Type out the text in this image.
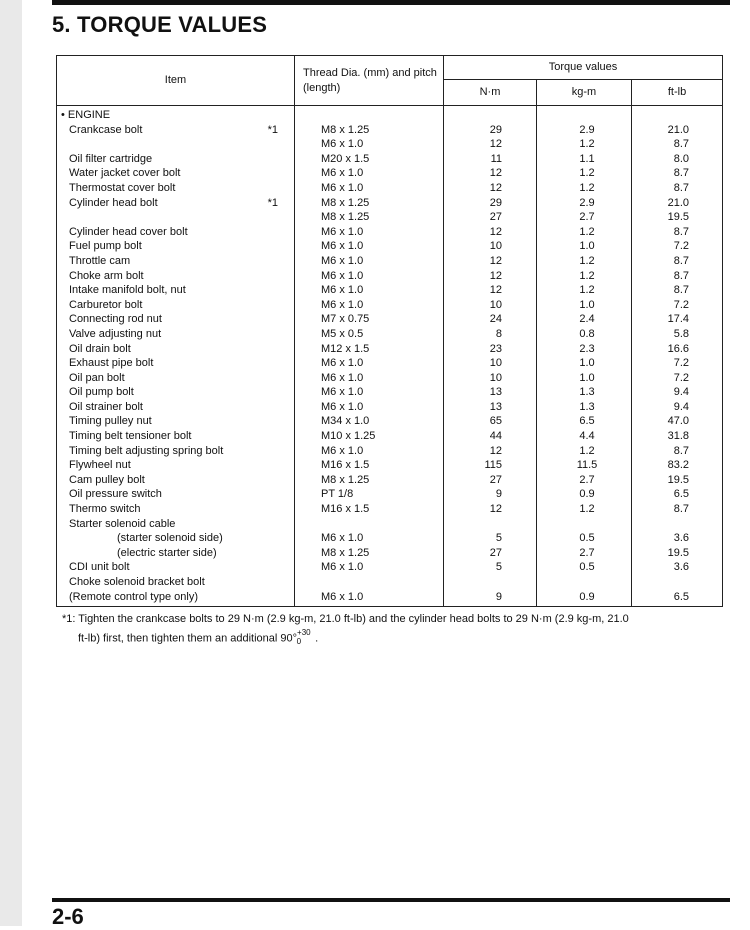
5. TORQUE VALUES
Item		Thread Dia. (mm) and pitch (length)	Torque values		
			N·m	kg-m	ft-lb
• ENGINE					
Crankcase bolt	*1	M8 x 1.25	29	2.9	21.0
		M6 x 1.0	12	1.2	8.7
Oil filter cartridge		M20 x 1.5	11	1.1	8.0
Water jacket cover bolt		M6 x 1.0	12	1.2	8.7
Thermostat cover bolt		M6 x 1.0	12	1.2	8.7
Cylinder head bolt	*1	M8 x 1.25	29	2.9	21.0
		M8 x 1.25	27	2.7	19.5
Cylinder head cover bolt		M6 x 1.0	12	1.2	8.7
Fuel pump bolt		M6 x 1.0	10	1.0	7.2
Throttle cam		M6 x 1.0	12	1.2	8.7
Choke arm bolt		M6 x 1.0	12	1.2	8.7
Intake manifold bolt, nut		M6 x 1.0	12	1.2	8.7
Carburetor bolt		M6 x 1.0	10	1.0	7.2
Connecting rod nut		M7 x 0.75	24	2.4	17.4
Valve adjusting nut		M5 x 0.5	8	0.8	5.8
Oil drain bolt		M12 x 1.5	23	2.3	16.6
Exhaust pipe bolt		M6 x 1.0	10	1.0	7.2
Oil pan bolt		M6 x 1.0	10	1.0	7.2
Oil pump bolt		M6 x 1.0	13	1.3	9.4
Oil strainer bolt		M6 x 1.0	13	1.3	9.4
Timing pulley nut		M34 x 1.0	65	6.5	47.0
Timing belt tensioner bolt		M10 x 1.25	44	4.4	31.8
Timing belt adjusting spring bolt		M6 x 1.0	12	1.2	8.7
Flywheel nut		M16 x 1.5	115	11.5	83.2
Cam pulley bolt		M8 x 1.25	27	2.7	19.5
Oil pressure switch		PT 1/8	9	0.9	6.5
Thermo switch		M16 x 1.5	12	1.2	8.7
Starter solenoid cable					
(starter solenoid side)		M6 x 1.0	5	0.5	3.6
(electric starter side)		M8 x 1.25	27	2.7	19.5
CDI unit bolt		M6 x 1.0	5	0.5	3.6
Choke solenoid bracket bolt					
(Remote control type only)		M6 x 1.0	9	0.9	6.5
*1: Tighten the crankcase bolts to 29 N·m (2.9 kg-m, 21.0 ft-lb) and the cylinder head bolts to 29 N·m (2.9 kg-m, 21.0
ft-lb) first, then tighten them an additional 90°$^{+300}$ .
2-6
